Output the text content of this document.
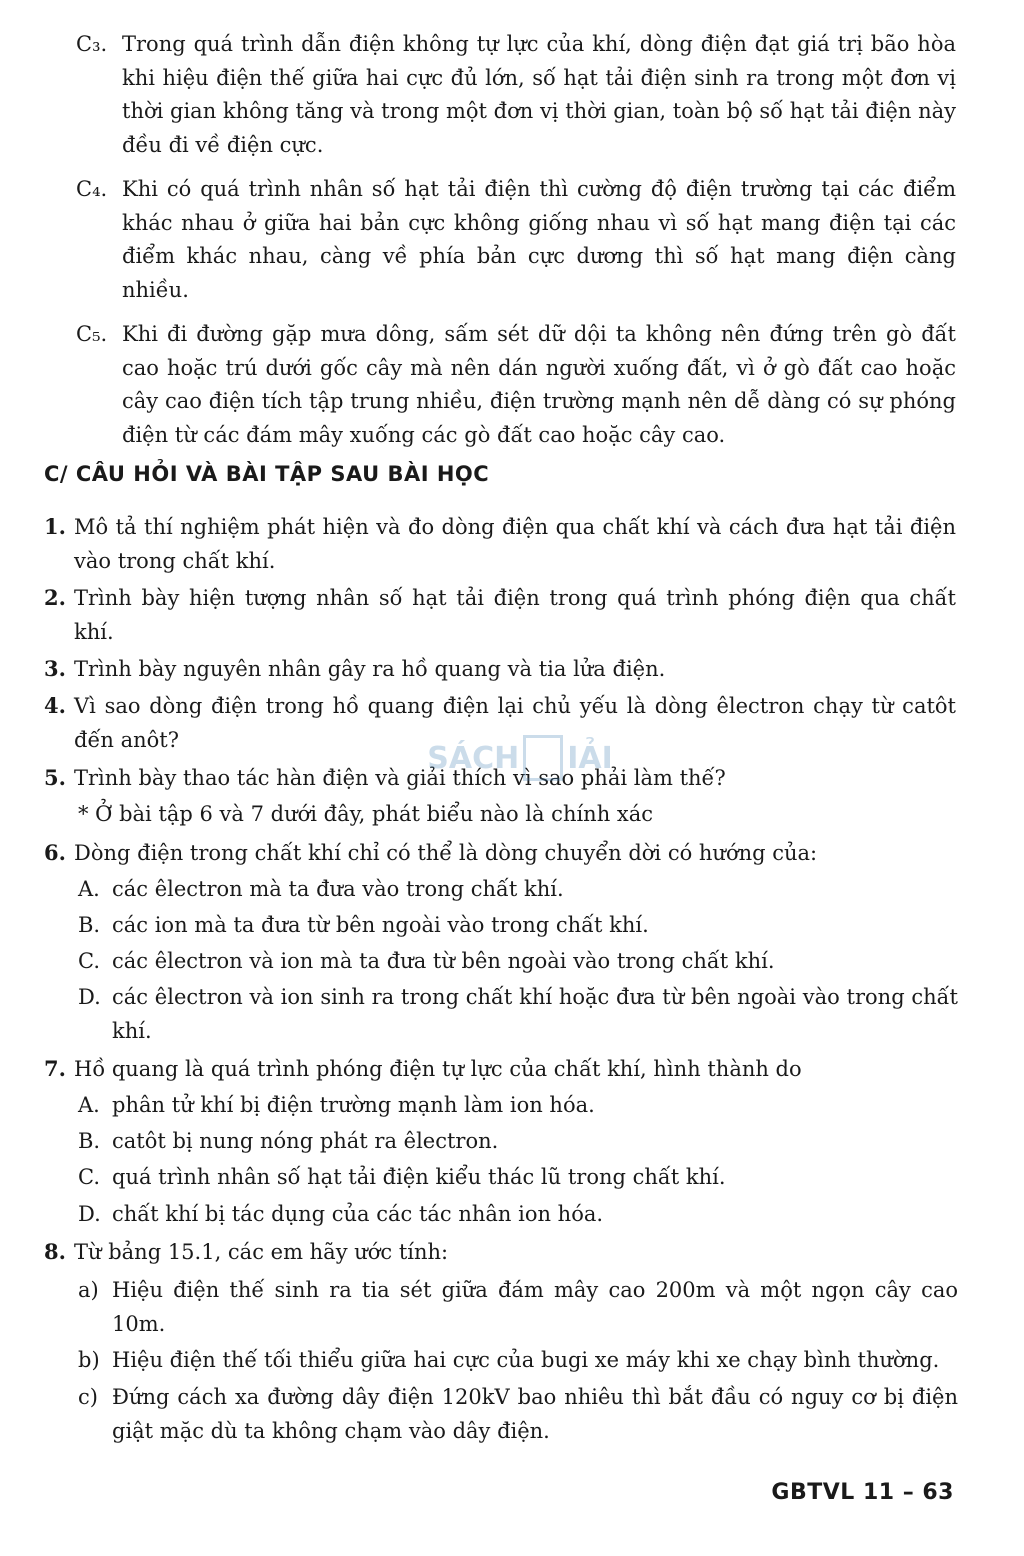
C₃. Trong quá trình dẫn điện không tự lực của khí, dòng điện đạt giá trị bão hòa khi hiệu điện thế giữa hai cực đủ lớn, số hạt tải điện sinh ra trong một đơn vị thời gian không tăng và trong một đơn vị thời gian, toàn bộ số hạt tải điện này đều đi về điện cực.
C₄. Khi có quá trình nhân số hạt tải điện thì cường độ điện trường tại các điểm khác nhau ở giữa hai bản cực không giống nhau vì số hạt mang điện tại các điểm khác nhau, càng về phía bản cực dương thì số hạt mang điện càng nhiều.
C₅. Khi đi đường gặp mưa dông, sấm sét dữ dội ta không nên đứng trên gò đất cao hoặc trú dưới gốc cây mà nên dán người xuống đất, vì ở gò đất cao hoặc cây cao điện tích tập trung nhiều, điện trường mạnh nên dễ dàng có sự phóng điện từ các đám mây xuống các gò đất cao hoặc cây cao.
C/ CÂU HỎI VÀ BÀI TẬP SAU BÀI HỌC
1. Mô tả thí nghiệm phát hiện và đo dòng điện qua chất khí và cách đưa hạt tải điện vào trong chất khí.
2. Trình bày hiện tượng nhân số hạt tải điện trong quá trình phóng điện qua chất khí.
3. Trình bày nguyên nhân gây ra hồ quang và tia lửa điện.
4. Vì sao dòng điện trong hồ quang điện lại chủ yếu là dòng êlectron chạy từ catôt đến anôt?
5. Trình bày thao tác hàn điện và giải thích vì sao phải làm thế?
SÁCH IẢI
* Ở bài tập 6 và 7 dưới đây, phát biểu nào là chính xác
6. Dòng điện trong chất khí chỉ có thể là dòng chuyển dời có hướng của:
A. các êlectron mà ta đưa vào trong chất khí.
B. các ion mà ta đưa từ bên ngoài vào trong chất khí.
C. các êlectron và ion mà ta đưa từ bên ngoài vào trong chất khí.
D. các êlectron và ion sinh ra trong chất khí hoặc đưa từ bên ngoài vào trong chất khí.
7. Hồ quang là quá trình phóng điện tự lực của chất khí, hình thành do
A. phân tử khí bị điện trường mạnh làm ion hóa.
B. catôt bị nung nóng phát ra êlectron.
C. quá trình nhân số hạt tải điện kiểu thác lũ trong chất khí.
D. chất khí bị tác dụng của các tác nhân ion hóa.
8. Từ bảng 15.1, các em hãy ước tính:
a) Hiệu điện thế sinh ra tia sét giữa đám mây cao 200m và một ngọn cây cao 10m.
b) Hiệu điện thế tối thiểu giữa hai cực của bugi xe máy khi xe chạy bình thường.
c) Đứng cách xa đường dây điện 120kV bao nhiêu thì bắt đầu có nguy cơ bị điện giật mặc dù ta không chạm vào dây điện.
GBTVL 11 – 63
